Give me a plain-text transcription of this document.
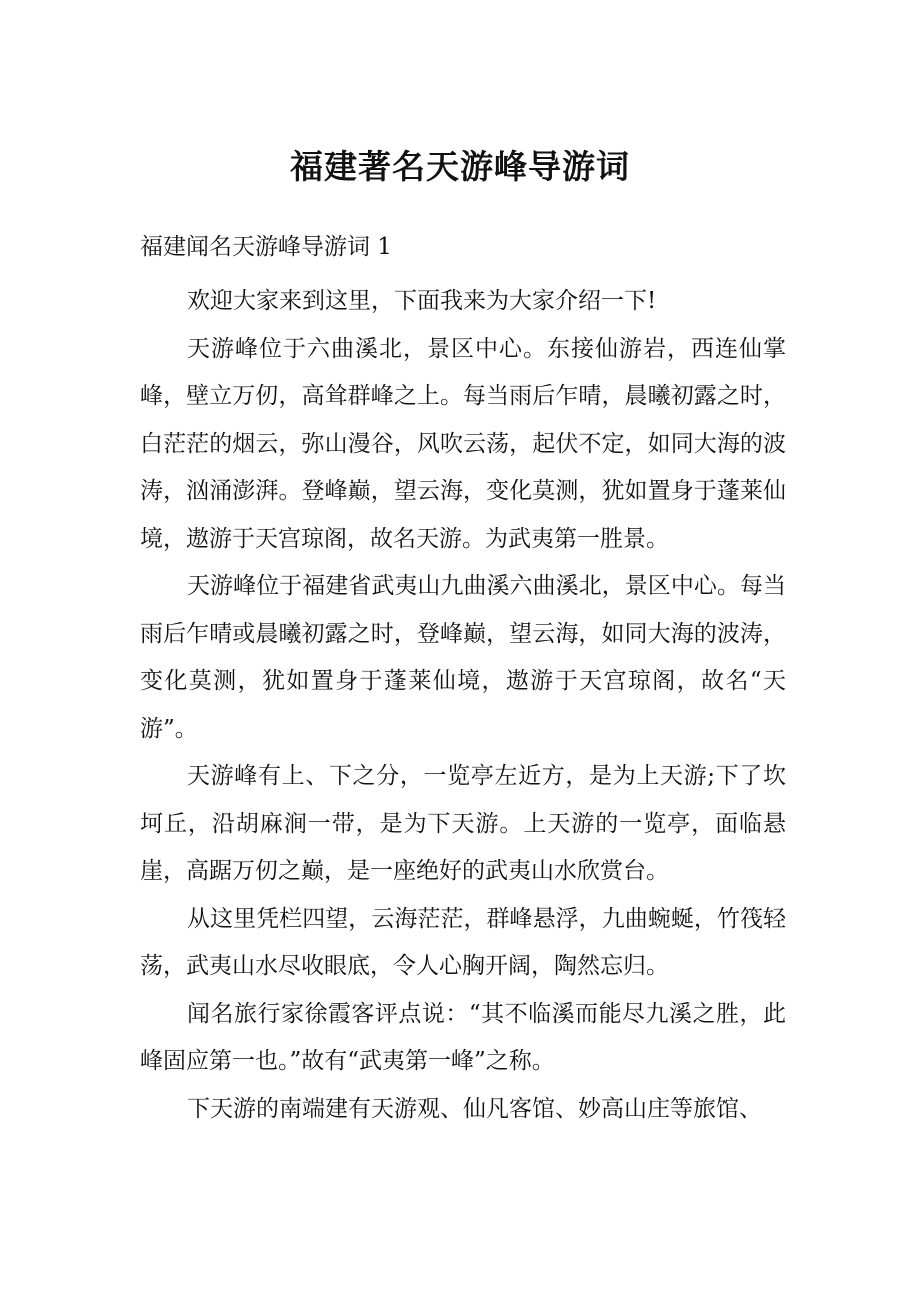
福建著名天游峰导游词

福建闻名天游峰导游词 1

欢迎大家来到这里，下面我来为大家介绍一下!

天游峰位于六曲溪北，景区中心。东接仙游岩，西连仙掌峰，壁立万仞，高耸群峰之上。每当雨后乍晴，晨曦初露之时，白茫茫的烟云，弥山漫谷，风吹云荡，起伏不定，如同大海的波涛，汹涌澎湃。登峰巅，望云海，变化莫测，犹如置身于蓬莱仙境，遨游于天宫琼阁，故名天游。为武夷第一胜景。

天游峰位于福建省武夷山九曲溪六曲溪北，景区中心。每当雨后乍晴或晨曦初露之时，登峰巅，望云海，如同大海的波涛，变化莫测，犹如置身于蓬莱仙境，遨游于天宫琼阁，故名“天游”。

天游峰有上、下之分，一览亭左近方，是为上天游;下了坎坷丘，沿胡麻涧一带，是为下天游。上天游的一览亭，面临悬崖，高踞万仞之巅，是一座绝好的武夷山水欣赏台。

从这里凭栏四望，云海茫茫，群峰悬浮，九曲蜿蜒，竹筏轻荡，武夷山水尽收眼底，令人心胸开阔，陶然忘归。

闻名旅行家徐霞客评点说：“其不临溪而能尽九溪之胜，此峰固应第一也。”故有“武夷第一峰”之称。

下天游的南端建有天游观、仙凡客馆、妙高山庄等旅馆、
